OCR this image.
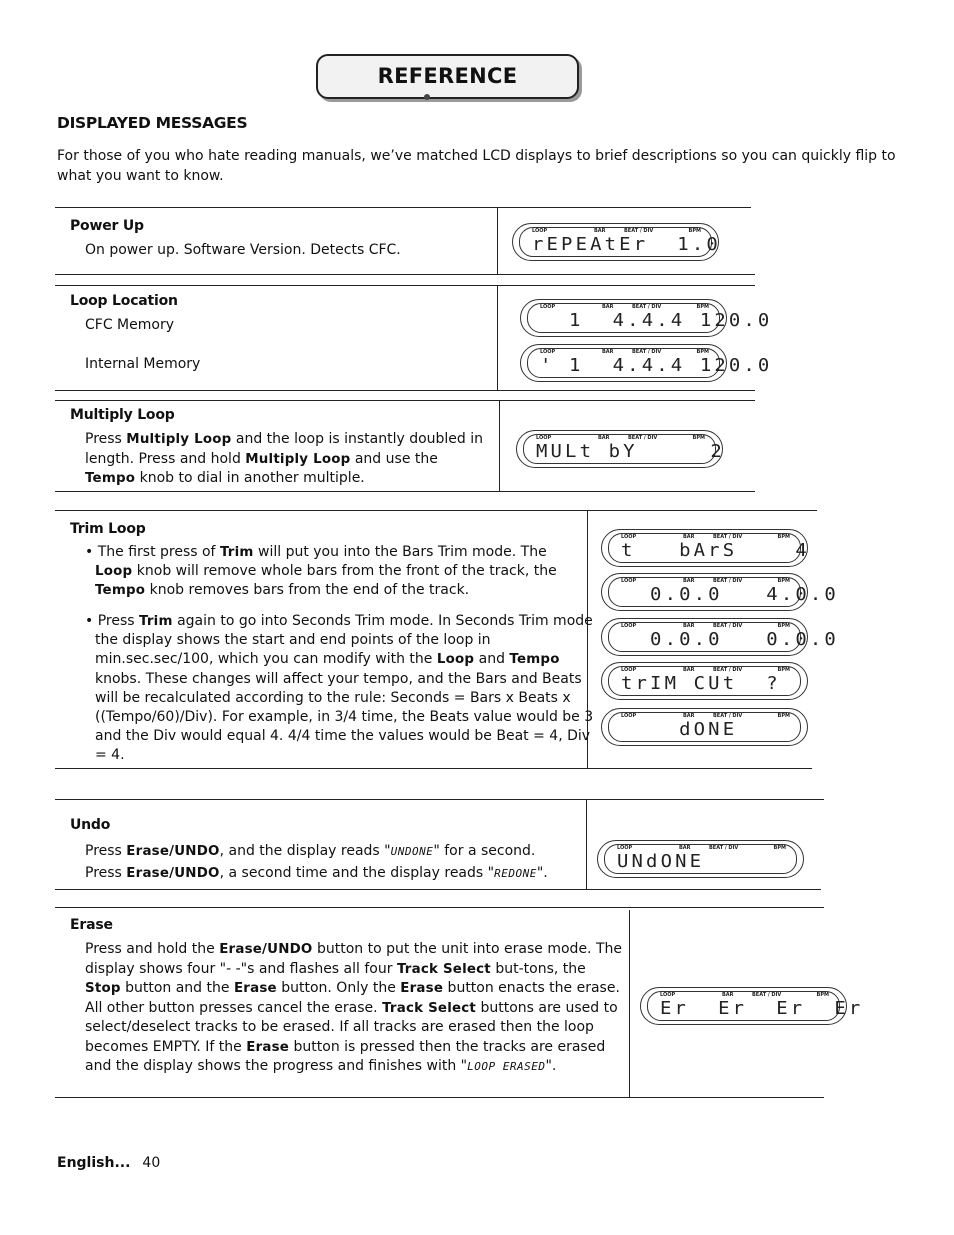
REFERENCE
DISPLAYED MESSAGES

For those of you who hate reading manuals, we’ve matched LCD displays to brief descriptions so you can quickly flip to what you want to know.

Power Up

On power up. Software Version. Detects CFC.

LOOP	BAR	BEAT / DIV	BPM
rEPEAtEr  1.0

Loop Location

CFC Memory

Internal Memory

LOOP	BAR	BEAT / DIV	BPM
1  4.4.4 120.0
LOOP	BAR	BEAT / DIV	BPM
' 1  4.4.4 120.0

Multiply Loop

Press Multiply Loop and the loop is instantly doubled in length. Press and hold Multiply Loop and use the Tempo knob to dial in another multiple.

LOOP	BAR	BEAT / DIV	BPM
MULt bY     2

Trim Loop

• The first press of Trim will put you into the Bars Trim mode. The Loop knob will remove whole bars from the front of the track, the Tempo knob removes bars from the end of the track.

• Press Trim again to go into Seconds Trim mode. In Seconds Trim mode the display shows the start and end points of the loop in min.sec.sec/100, which you can modify with the Loop and Tempo knobs. These changes will affect your tempo, and the Bars and Beats will be recalculated according to the rule: Seconds = Bars x Beats x ((Tempo/60)/Div). For example, in 3/4 time, the Beats value would be 3 and the Div would equal 4. 4/4 time the values would be Beat = 4, Div = 4.

LOOP	BAR	BEAT / DIV	BPM
t   bArS    4
LOOP	BAR	BEAT / DIV	BPM
0.0.0   4.0.0
LOOP	BAR	BEAT / DIV	BPM
0.0.0   0.0.0
LOOP	BAR	BEAT / DIV	BPM
trIM CUt  ?
LOOP	BAR	BEAT / DIV	BPM
dONE

Undo

Press Erase/UNDO, and the display reads "UNDONE" for a second.

Press Erase/UNDO, a second time and the display reads "REDONE".

LOOP	BAR	BEAT / DIV	BPM
UNdONE

Erase

Press and hold the Erase/UNDO button to put the unit into erase mode. The display shows four "- -"s and flashes all four Track Select but-tons, the Stop button and the Erase button. Only the Erase button enacts the erase. All other button presses cancel the erase. Track Select buttons are used to select/deselect tracks to be erased. If all tracks are erased then the loop becomes EMPTY. If the Erase button is pressed then the tracks are erased and the display shows the progress and finishes with "LOOP ERASED".

LOOP	BAR	BEAT / DIV	BPM
Er  Er  Er  Er
English... 40
